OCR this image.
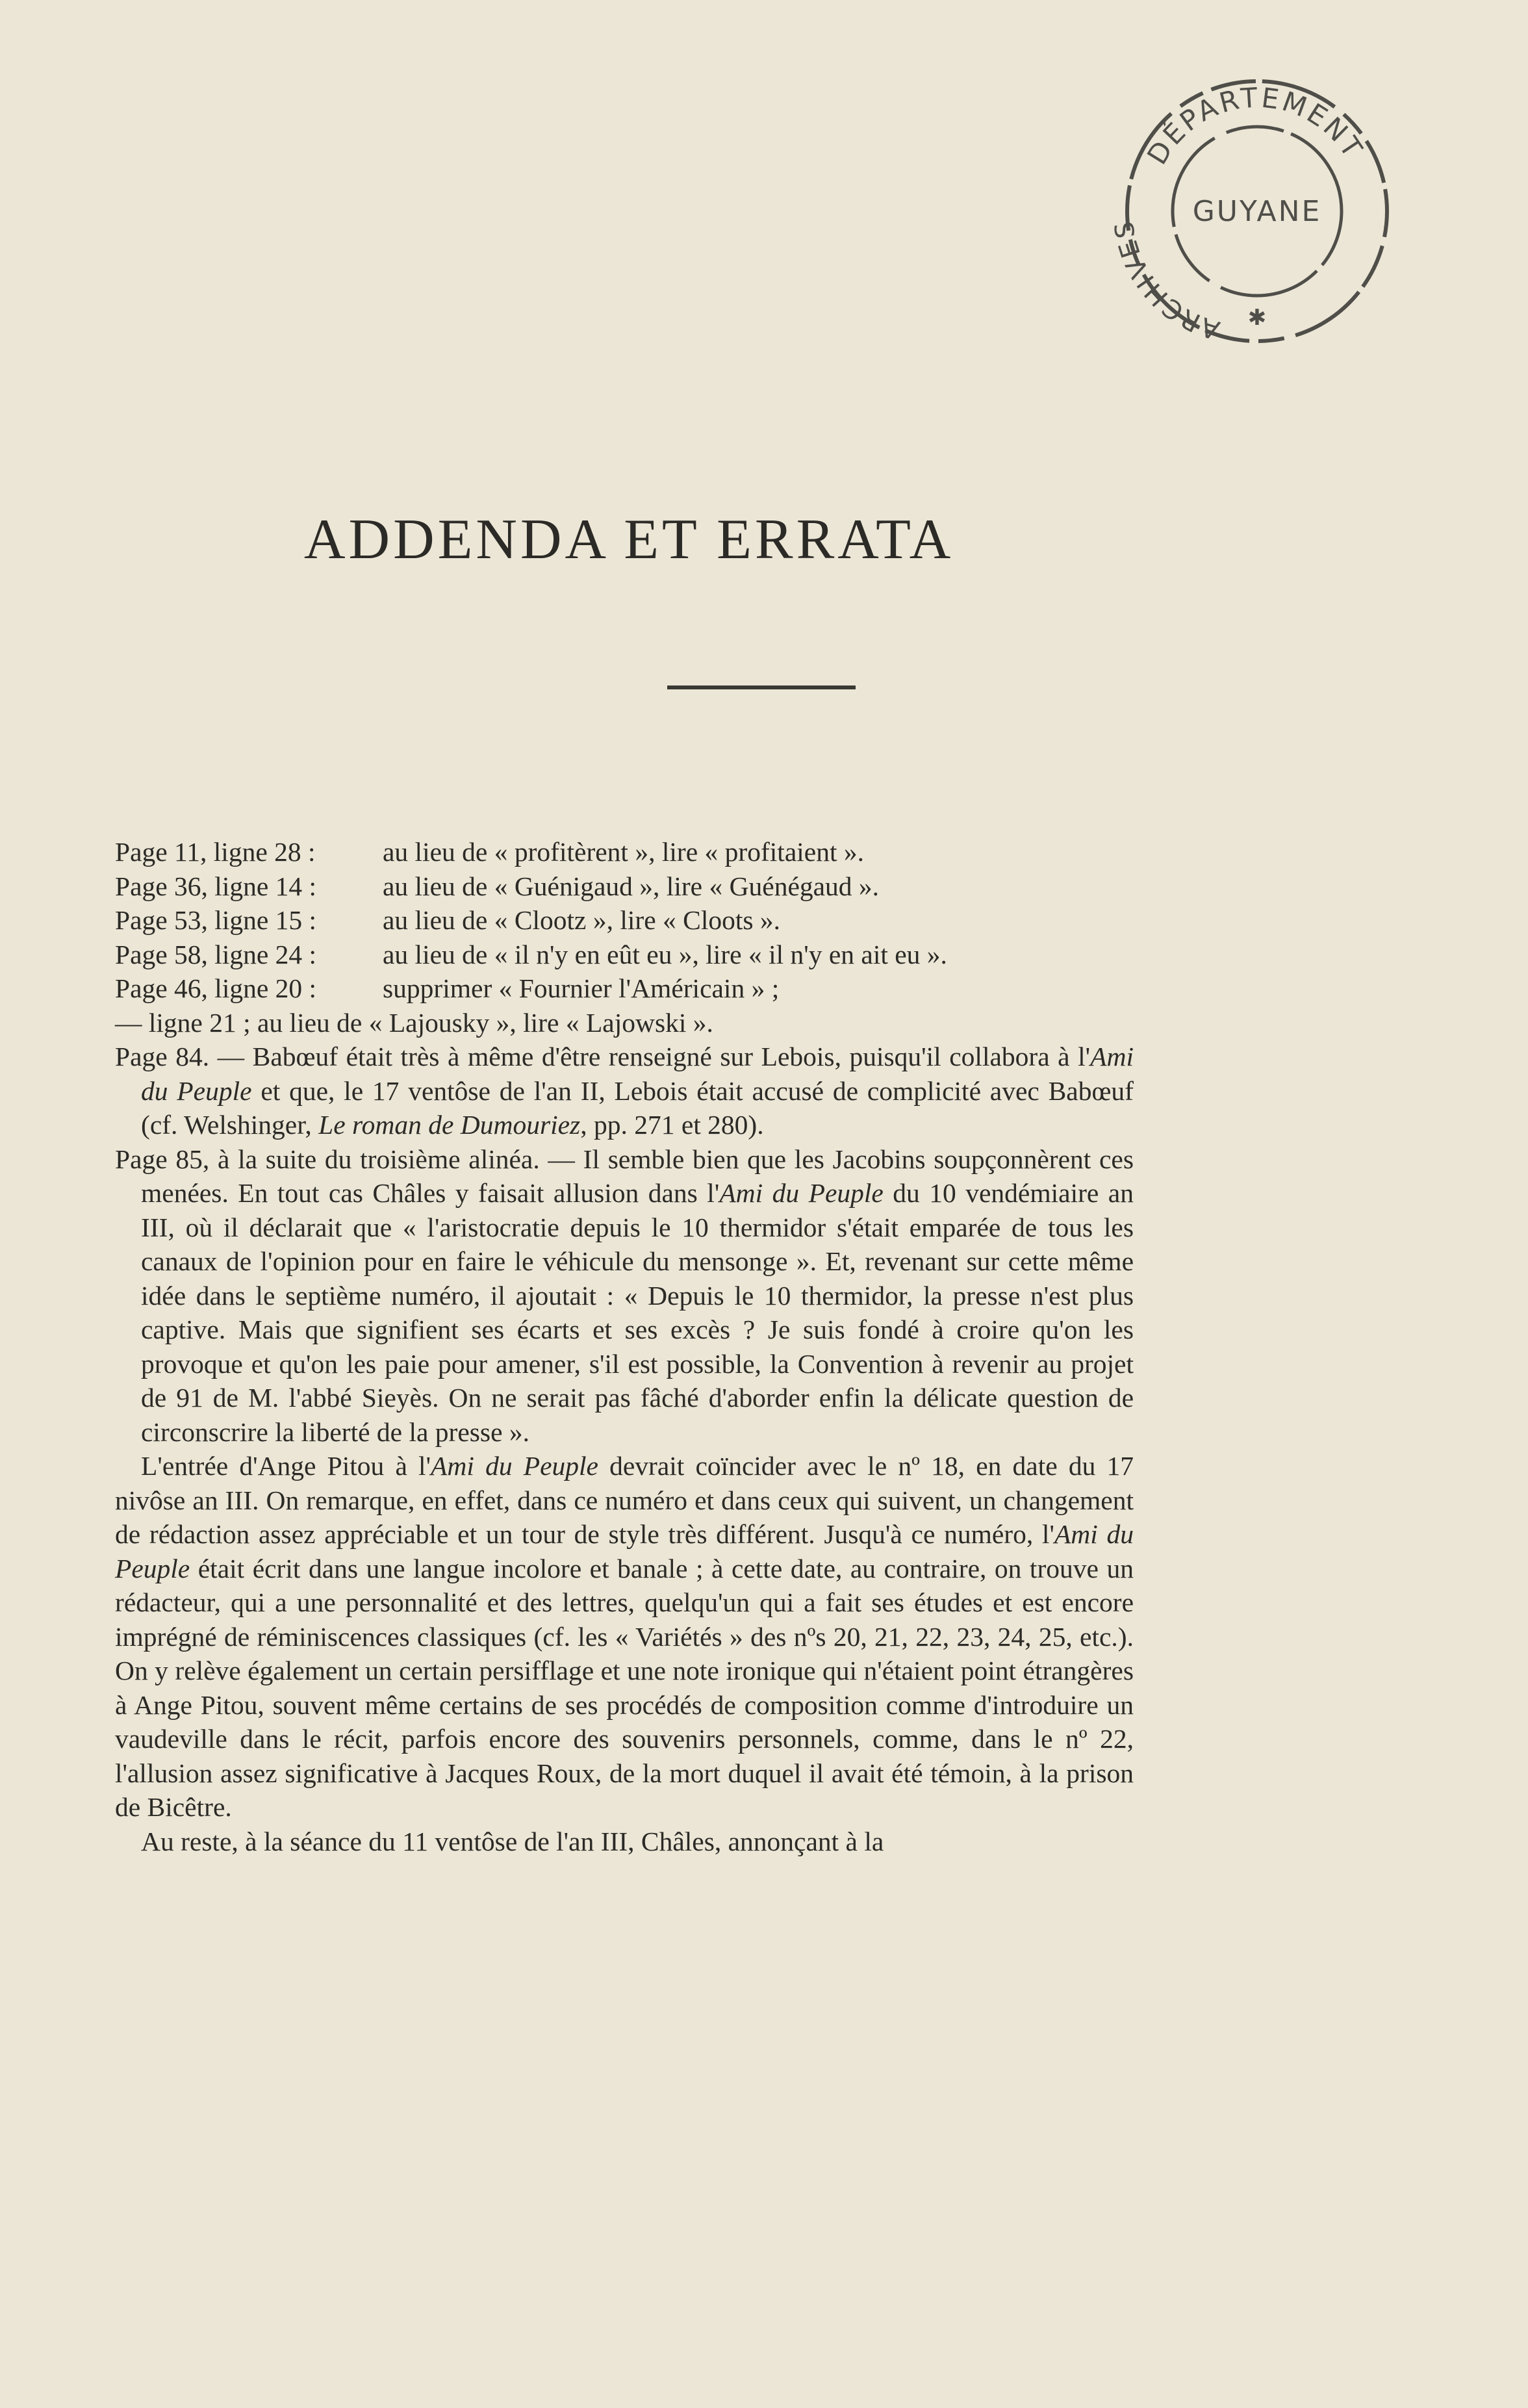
DÉPARTEMENT
ARCHIVES
GUYANE
✱
ADDENDA ET ERRATA
Page 11, ligne 28 :	au lieu de « profitèrent », lire « profitaient ».
Page 36, ligne 14 :	au lieu de « Guénigaud », lire « Guénégaud ».
Page 53, ligne 15 :	au lieu de « Clootz », lire « Cloots ».
Page 58, ligne 24 :	au lieu de « il n'y en eût eu », lire « il n'y en ait eu ».
Page 46, ligne 20 :	supprimer « Fournier l'Américain » ;

— ligne 21 ; au lieu de « Lajousky », lire « Lajowski ».

Page 84. — Babœuf était très à même d'être renseigné sur Lebois, puisqu'il collabora à l'Ami du Peuple et que, le 17 ventôse de l'an II, Lebois était accusé de complicité avec Babœuf (cf. Welshinger, Le roman de Dumouriez, pp. 271 et 280).

Page 85, à la suite du troisième alinéa. — Il semble bien que les Jacobins soupçonnèrent ces menées. En tout cas Châles y faisait allusion dans l'Ami du Peuple du 10 vendémiaire an III, où il déclarait que « l'aristocratie depuis le 10 thermidor s'était emparée de tous les canaux de l'opinion pour en faire le véhicule du mensonge ». Et, revenant sur cette même idée dans le septième numéro, il ajoutait : « Depuis le 10 thermidor, la presse n'est plus captive. Mais que signifient ses écarts et ses excès ? Je suis fondé à croire qu'on les provoque et qu'on les paie pour amener, s'il est possible, la Convention à revenir au projet de 91 de M. l'abbé Sieyès. On ne serait pas fâché d'aborder enfin la délicate question de circonscrire la liberté de la presse ».

L'entrée d'Ange Pitou à l'Ami du Peuple devrait coïncider avec le nº 18, en date du 17 nivôse an III. On remarque, en effet, dans ce numéro et dans ceux qui suivent, un changement de rédaction assez appréciable et un tour de style très différent. Jusqu'à ce numéro, l'Ami du Peuple était écrit dans une langue incolore et banale ; à cette date, au contraire, on trouve un rédacteur, qui a une personnalité et des lettres, quelqu'un qui a fait ses études et est encore imprégné de réminiscences classiques (cf. les « Variétés » des nºs 20, 21, 22, 23, 24, 25, etc.). On y relève également un certain persifflage et une note ironique qui n'étaient point étrangères à Ange Pitou, souvent même certains de ses procédés de composition comme d'introduire un vaudeville dans le récit, parfois encore des souvenirs personnels, comme, dans le nº 22, l'allusion assez significative à Jacques Roux, de la mort duquel il avait été témoin, à la prison de Bicêtre.

Au reste, à la séance du 11 ventôse de l'an III, Châles, annonçant à la
